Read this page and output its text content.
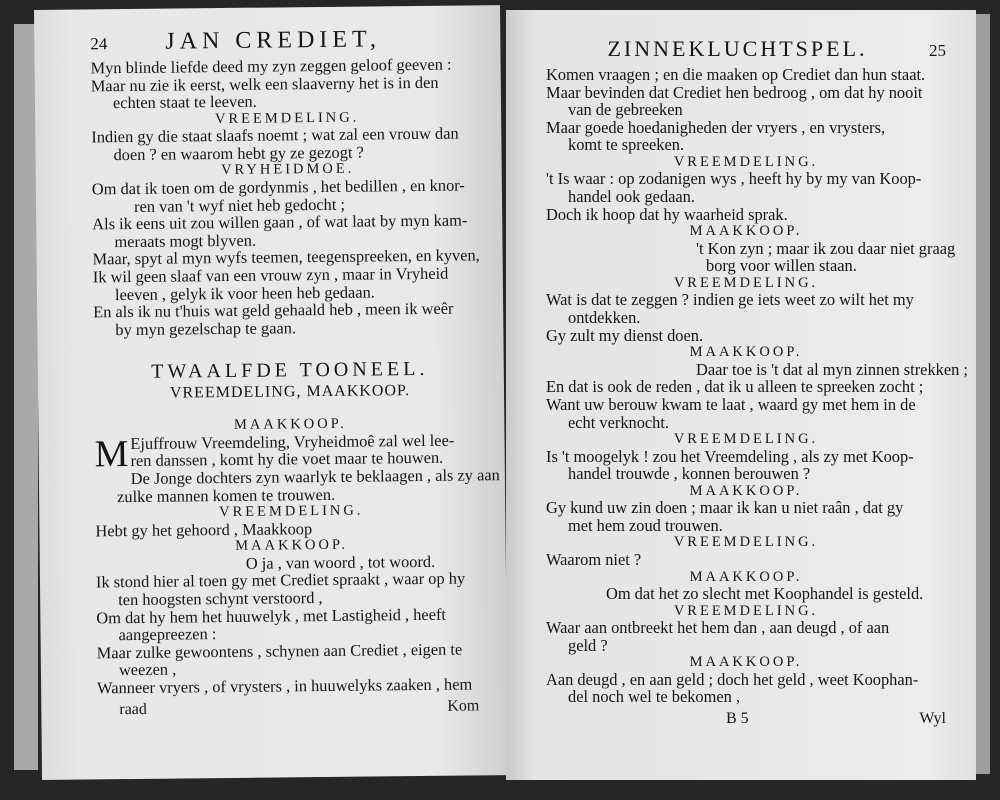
24	JAN CREDIET,
Myn blinde liefde deed my zyn zeggen geloof geeven :
Maar nu zie ik eerst, welk een slaaverny het is in den
echten staat te leeven.
VREEMDELING.
Indien gy die staat slaafs noemt ; wat zal een vrouw dan
doen ? en waarom hebt gy ze gezogt ?
VRYHEIDMOE.
Om dat ik toen om de gordynmis , het bedillen , en knor-
ren van 't wyf niet heb gedocht ;
Als ik eens uit zou willen gaan , of wat laat by myn kam-
meraats mogt blyven.
Maar, spyt al myn wyfs teemen, teegenspreeken, en kyven,
Ik wil geen slaaf van een vrouw zyn , maar in Vryheid
leeven , gelyk ik voor heen heb gedaan.
En als ik nu t'huis wat geld gehaald heb , meen ik weêr
by myn gezelschap te gaan.
TWAALFDE TOONEEL.
VREEMDELING, MAAKKOOP.
MAAKKOOP.
M Ejuffrouw Vreemdeling, Vryheidmoê zal wel lee-
ren danssen , komt hy die voet maar te houwen.
De Jonge dochters zyn waarlyk te beklaagen , als zy aan
zulke mannen komen te trouwen.
VREEMDELING.
Hebt gy het gehoord , Maakkoop
MAAKKOOP.
O ja , van woord , tot woord.
Ik stond hier al toen gy met Crediet spraakt , waar op hy
ten hoogsten schynt verstoord ,
Om dat hy hem het huuwelyk , met Lastigheid , heeft
aangepreezen :
Maar zulke gewoontens , schynen aan Crediet , eigen te
weezen ,
Wanneer vryers , of vrysters , in huuwelyks zaaken , hem
raad	Kom
ZINNEKLUCHTSPEL.	25
Komen vraagen ; en die maaken op Crediet dan hun staat.
Maar bevinden dat Crediet hen bedroog , om dat hy nooit
van de gebreeken
Maar goede hoedanigheden der vryers , en vrysters,
komt te spreeken.
VREEMDELING.
't Is waar : op zodanigen wys , heeft hy by my van Koop-
handel ook gedaan.
Doch ik hoop dat hy waarheid sprak.
MAAKKOOP.
't Kon zyn ; maar ik zou daar niet graag
borg voor willen staan.
VREEMDELING.
Wat is dat te zeggen ? indien ge iets weet zo wilt het my
ontdekken.
Gy zult my dienst doen.
MAAKKOOP.
Daar toe is 't dat al myn zinnen strekken ;
En dat is ook de reden , dat ik u alleen te spreeken zocht ;
Want uw berouw kwam te laat , waard gy met hem in de
echt verknocht.
VREEMDELING.
Is 't moogelyk ! zou het Vreemdeling , als zy met Koop-
handel trouwde , konnen berouwen ?
MAAKKOOP.
Gy kund uw zin doen ; maar ik kan u niet raân , dat gy
met hem zoud trouwen.
VREEMDELING.
Waarom niet ?
MAAKKOOP.
Om dat het zo slecht met Koophandel is gesteld.
VREEMDELING.
Waar aan ontbreekt het hem dan , aan deugd , of aan
geld ?
MAAKKOOP.
Aan deugd , en aan geld ; doch het geld , weet Koophan-
del noch wel te bekomen ,
B 5	Wyl
